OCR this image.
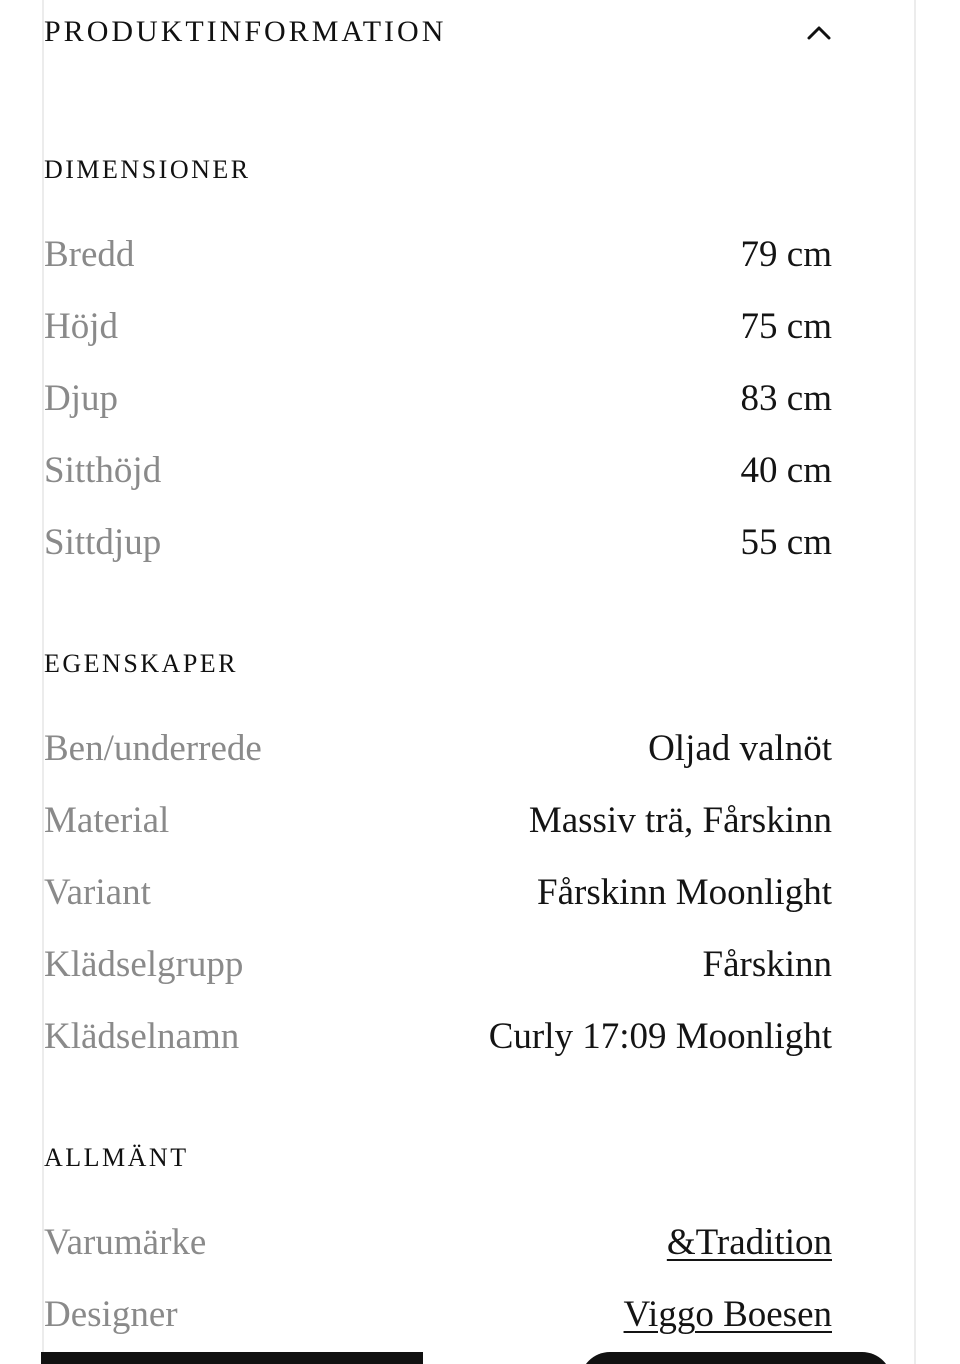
PRODUKTINFORMATION
DIMENSIONER
Bredd	79 cm
Höjd	75 cm
Djup	83 cm
Sitthöjd	40 cm
Sittdjup	55 cm
EGENSKAPER
Ben/underrede	Oljad valnöt
Material	Massiv trä, Fårskinn
Variant	Fårskinn Moonlight
Klädselgrupp	Fårskinn
Klädselnamn	Curly 17:09 Moonlight
ALLMÄNT
Varumärke	&Tradition
Designer	Viggo Boesen
